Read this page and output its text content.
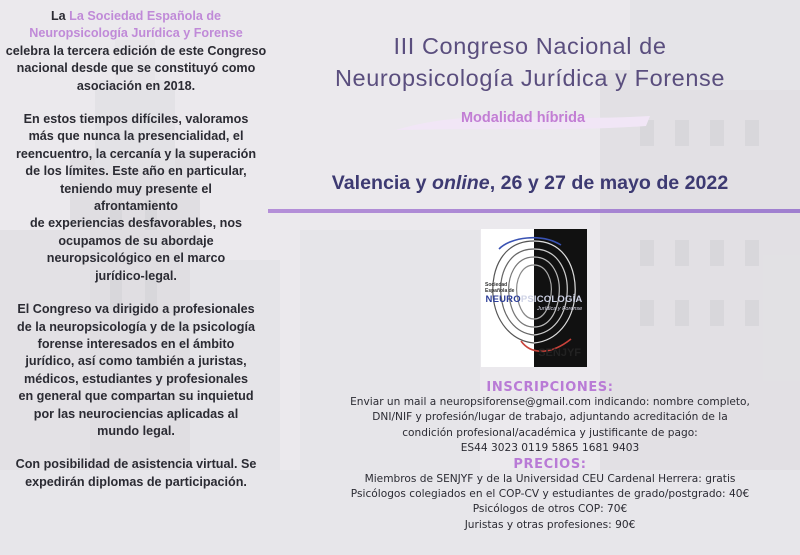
La La Sociedad Española de Neuropsicología Jurídica y Forense
celebra la tercera edición de este Congreso nacional desde que se constituyó como asociación en 2018.

En estos tiempos difíciles, valoramos
más que nunca la presencialidad, el
reencuentro, la cercanía y la superación
de los límites. Este año en particular,
teniendo muy presente el
afrontamiento
de experiencias desfavorables, nos
ocupamos de su abordaje
neuropsicológico en el marco
jurídico-legal.

El Congreso va dirigido a profesionales
de la neuropsicología y de la psicología
forense interesados en el ámbito
jurídico, así como también a juristas,
médicos, estudiantes y profesionales
en general que compartan su inquietud
por las neurociencias aplicadas al
mundo legal.

Con posibilidad de asistencia virtual. Se
expedirán diplomas de participación.

III Congreso Nacional de
Neuropsicología Jurídica y Forense
Modalidad híbrida
Valencia y online, 26 y 27 de mayo de 2022
Sociedad Española de
NEUROPSICOLOGÍA
Jurídica y Forense
SENJYF
INSCRIPCIONES:
Enviar un mail a neuropsiforense@gmail.com indicando: nombre completo,
DNI/NIF y profesión/lugar de trabajo, adjuntando acreditación de la
condición profesional/académica y justificante de pago:
ES44 3023 0119 5865 1681 9403
PRECIOS:
Miembros de SENJYF y de la Universidad CEU Cardenal Herrera: gratis
Psicólogos colegiados en el COP-CV y estudiantes de grado/postgrado: 40€
Psicólogos de otros COP: 70€
Juristas y otras profesiones: 90€
